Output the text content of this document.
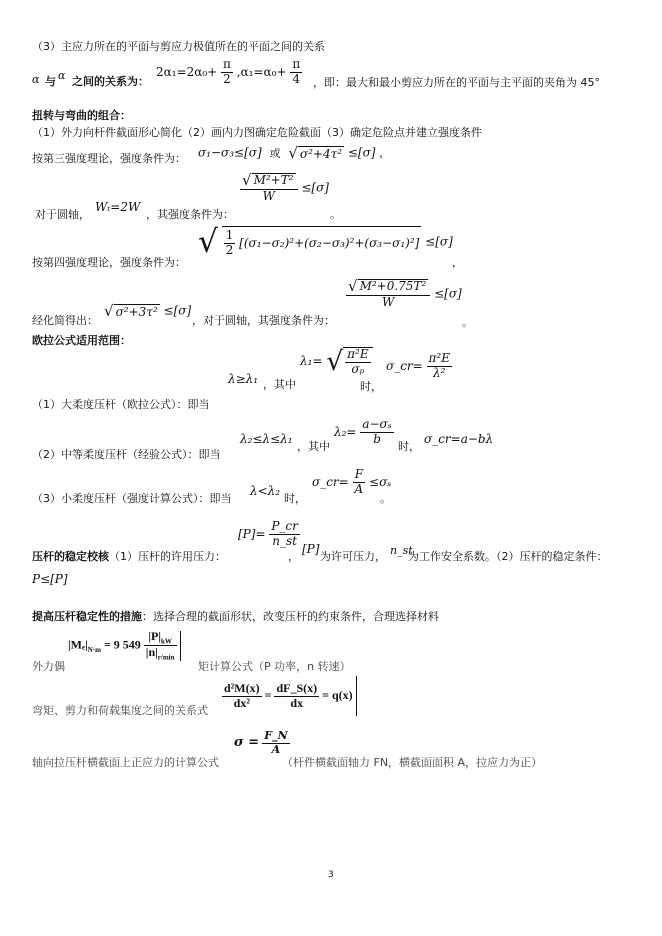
（3）主应力所在的平面与剪应力极值所在的平面之间的关系
α 与 α 之间的关系为：
$2\alpha_1=2\alpha_0+ \frac{\pi}{2} ,\alpha_1=\alpha_0+ \frac{\pi}{4}$ ，即：最大和最小剪应力所在的平面与主平面的夹角为 45°
扭转与弯曲的组合：
（1）外力向杆件截面形心简化（2）画内力图确定危险截面（3）确定危险点并建立强度条件
按第三强度理论，强度条件为： σ₁−σ₃≤[σ] 或 √ σ²+4τ² ≤[σ] ，
对于圆轴，
Wₜ=2W
，其强度条件为：
$\frac{\text{√ M²+T²}}{W} \le[\sigma]$
。
按第四强度理论，强度条件为：
√ $\frac{1}{2} [(\sigma_1-\sigma_2)^2+(\sigma_2-\sigma_3)^2+(\sigma_3-\sigma_1)^2] \le[\sigma]$
，
经化简得出：
√ σ²+3τ² ≤[σ]
，对于圆轴，其强度条件为：
$\frac{\text{√ M²+0.75T²}}{W} \le[\sigma]$
。
欧拉公式适用范围：
λ≥λ₁ ，其中
λ₁= √ $\frac{\text{π²E}}{\text{σₚ}}$
时，
σ_cr= $\frac{\text{π²E}}{\text{λ²}}$
（1）大柔度压杆（欧拉公式）：即当
λ₂≤λ≤λ₁
，其中
$\lambda_2= \frac{\text{a−σₛ}}{b}$ 时，
σ_cr=a−bλ
（2）中等柔度压杆（经验公式）：即当
（3）小柔度压杆（强度计算公式）：即当
λ<λ₂
时，
σ_cr= $\frac{F}{A} \le\sigma_s$
。
$[P]= \frac{P\_cr}{n\_st}$
压杆的稳定校核（1）压杆的许用压力：	，
[P]
为许可压力， n_st
为工作安全系数。（2）压杆的稳定条件：
P≤[P]
提高压杆稳定性的措施：选择合理的截面形状，改变压杆的约束条件，合理选择材料
外力偶
$|M_e|_{N\cdot m} = 9$ $549 \frac{|P|_{kW}}{|n|_{r/min}}$

矩计算公式（P 功率，n 转速）
弯矩、剪力和荷载集度之间的关系式
$\frac{\text{d²M(x)}}{\text{dx²}} = \frac{dF\_S(x)}{dx} = q(x)$
轴向拉压杆横截面上正应力的计算公式
$\sigma = \frac{F\_N}{A}$
（杆件横截面轴力 FN，横截面面积 A，拉应力为正）
3
